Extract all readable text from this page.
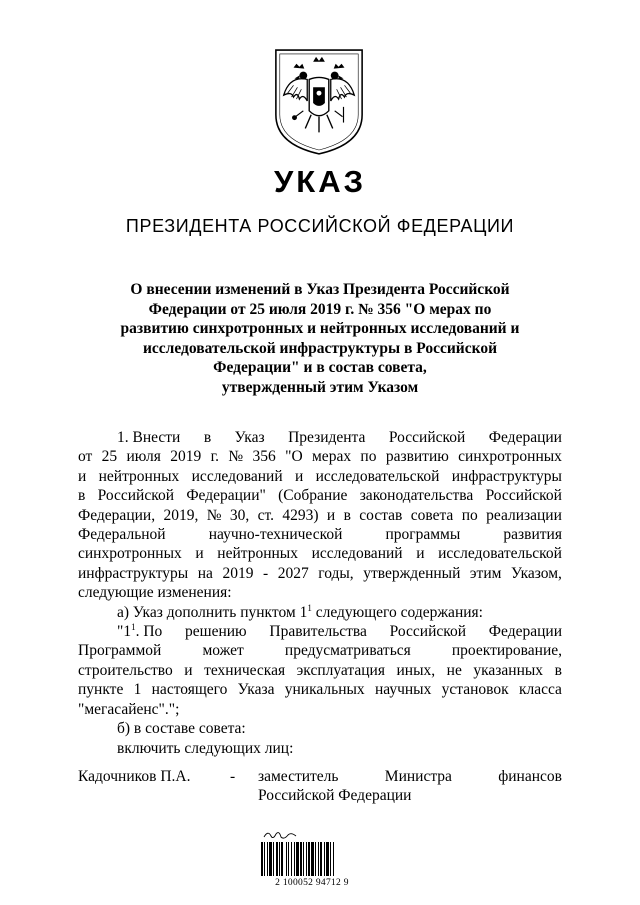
УКАЗ
ПРЕЗИДЕНТА РОССИЙСКОЙ ФЕДЕРАЦИИ
О внесении изменений в Указ Президента Российской
Федерации от 25 июля 2019 г. № 356 "О мерах по
развитию синхротронных и нейтронных исследований и
исследовательской инфраструктуры в Российской
Федерации" и в состав совета,
утвержденный этим Указом
1. Внести в Указ Президента Российской Федерации
от 25 июля 2019 г. № 356 "О мерах по развитию синхротронных
и нейтронных исследований и исследовательской инфраструктуры
в Российской Федерации" (Собрание законодательства Российской
Федерации, 2019, № 30, ст. 4293) и в состав совета по реализации
Федеральной	научно-технической	программы	развития
синхротронных и нейтронных исследований и исследовательской
инфраструктуры на 2019 - 2027 годы, утвержденный этим Указом,
следующие изменения:
а) Указ дополнить пунктом $1^1$ следующего содержания:
"$1^1$. По решению Правительства Российской Федерации
Программой	может	предусматриваться	проектирование,
строительство и техническая эксплуатация иных, не указанных в
пункте 1 настоящего Указа уникальных научных установок класса
"мегасайенс".";
б) в составе совета:
включить следующих лиц:
Кадочников П.А.	- заместитель	Министра	финансов
Российской Федерации
2 100052 94712 9
